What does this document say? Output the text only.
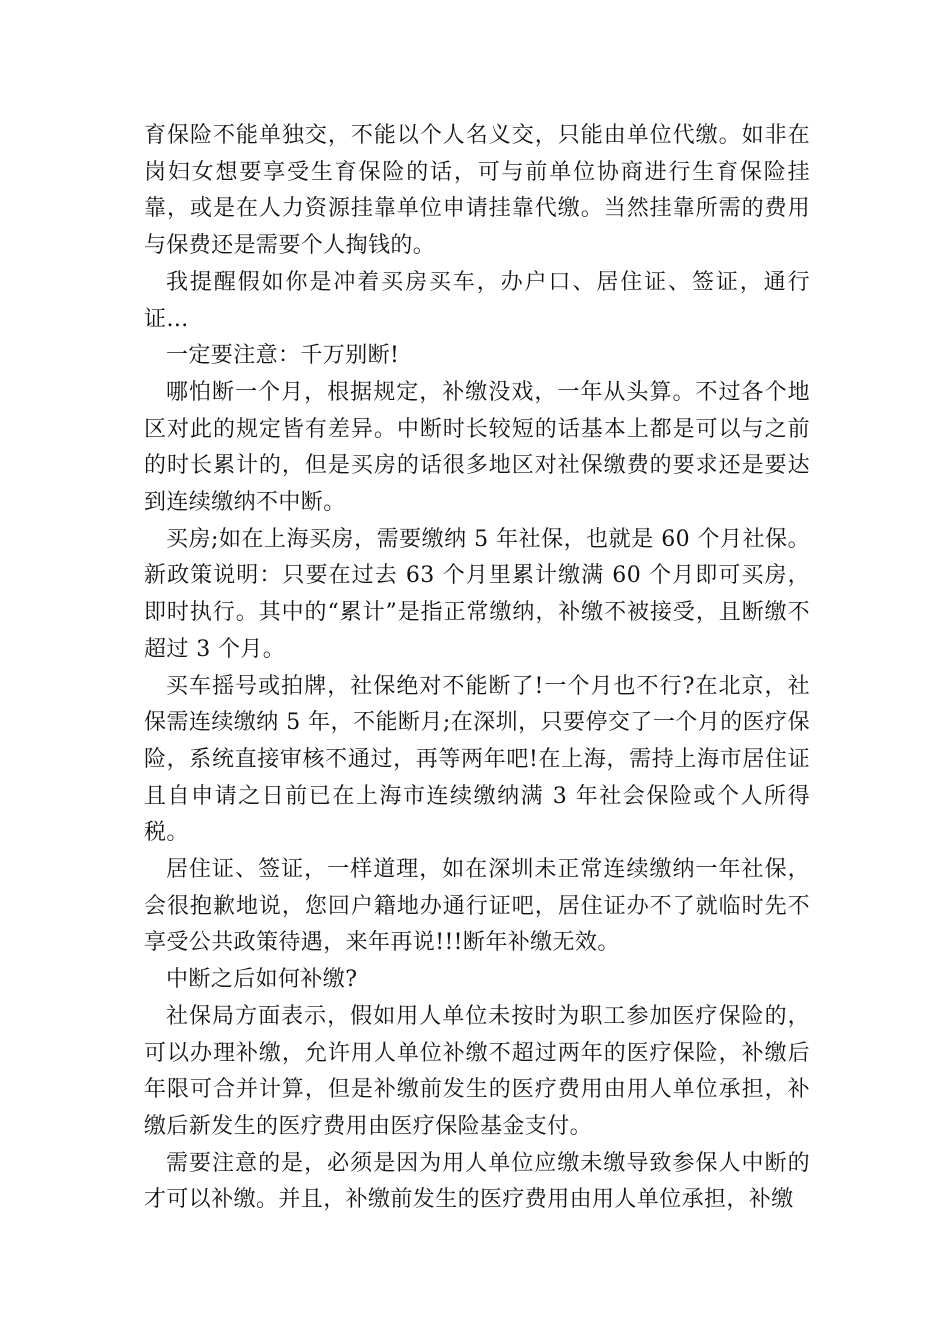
育保险不能单独交，不能以个人名义交，只能由单位代缴。如非在岗妇女想要享受生育保险的话，可与前单位协商进行生育保险挂靠，或是在人力资源挂靠单位申请挂靠代缴。当然挂靠所需的费用与保费还是需要个人掏钱的。

我提醒假如你是冲着买房买车，办户口、居住证、签证，通行证…

一定要注意：千万别断!

哪怕断一个月，根据规定，补缴没戏，一年从头算。不过各个地区对此的规定皆有差异。中断时长较短的话基本上都是可以与之前的时长累计的，但是买房的话很多地区对社保缴费的要求还是要达到连续缴纳不中断。

买房;如在上海买房，需要缴纳 5 年社保，也就是 60 个月社保。新政策说明：只要在过去 63 个月里累计缴满 60 个月即可买房，即时执行。其中的“累计”是指正常缴纳，补缴不被接受，且断缴不超过 3 个月。

买车摇号或拍牌，社保绝对不能断了!一个月也不行?在北京，社保需连续缴纳 5 年，不能断月;在深圳，只要停交了一个月的医疗保险，系统直接审核不通过，再等两年吧!在上海，需持上海市居住证且自申请之日前已在上海市连续缴纳满 3 年社会保险或个人所得税。

居住证、签证，一样道理，如在深圳未正常连续缴纳一年社保，会很抱歉地说，您回户籍地办通行证吧，居住证办不了就临时先不享受公共政策待遇，来年再说!!!断年补缴无效。

中断之后如何补缴?

社保局方面表示，假如用人单位未按时为职工参加医疗保险的，可以办理补缴，允许用人单位补缴不超过两年的医疗保险，补缴后年限可合并计算，但是补缴前发生的医疗费用由用人单位承担，补缴后新发生的医疗费用由医疗保险基金支付。

需要注意的是，必须是因为用人单位应缴未缴导致参保人中断的才可以补缴。并且，补缴前发生的医疗费用由用人单位承担，补缴
